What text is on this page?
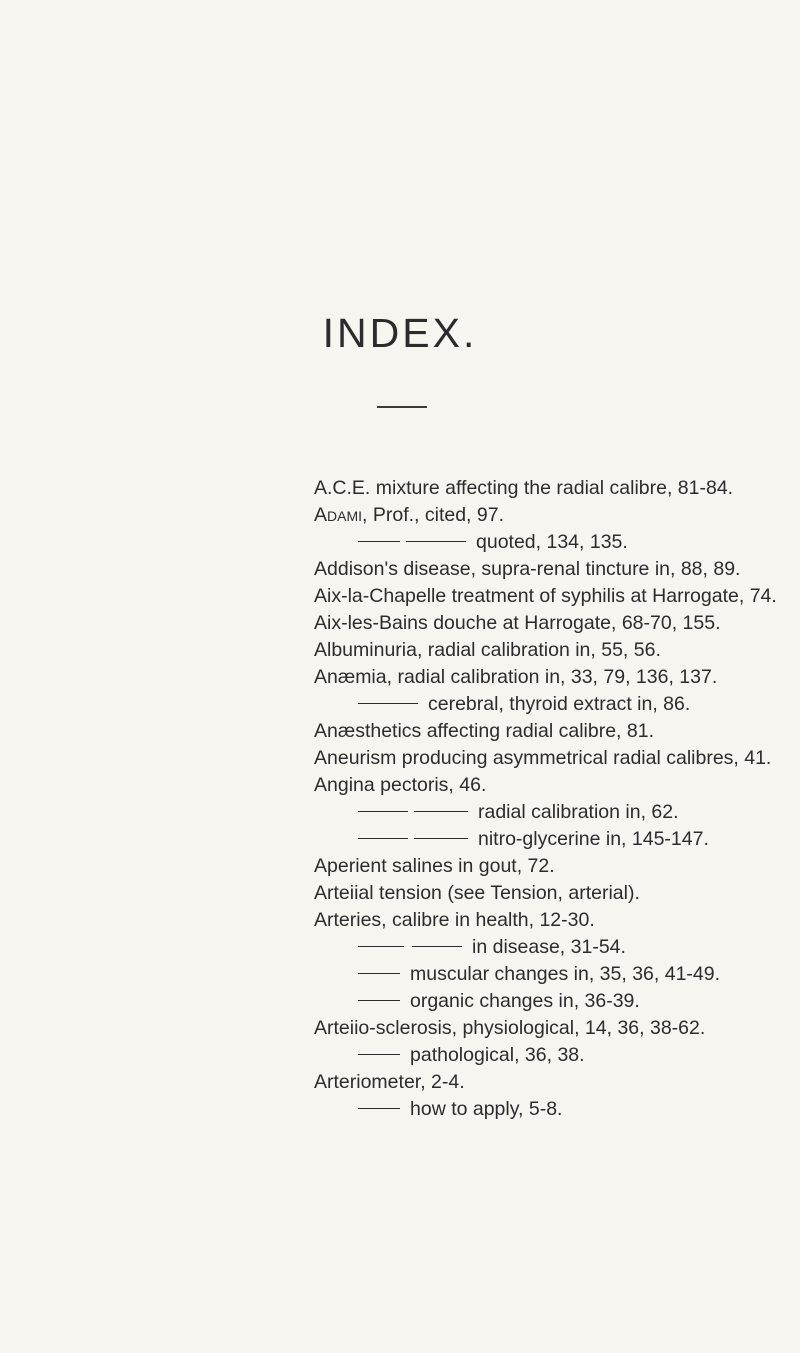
INDEX.
A.C.E. mixture affecting the radial calibre, 81-84.
Adami, Prof., cited, 97.
quoted, 134, 135.
Addison's disease, supra-renal tincture in, 88, 89.
Aix-la-Chapelle treatment of syphilis at Harrogate, 74.
Aix-les-Bains douche at Harrogate, 68-70, 155.
Albuminuria, radial calibration in, 55, 56.
Anæmia, radial calibration in, 33, 79, 136, 137.
cerebral, thyroid extract in, 86.
Anæsthetics affecting radial calibre, 81.
Aneurism producing asymmetrical radial calibres, 41.
Angina pectoris, 46.
radial calibration in, 62.
nitro-glycerine in, 145-147.
Aperient salines in gout, 72.
Arteiial tension (see Tension, arterial).
Arteries, calibre in health, 12-30.
in disease, 31-54.
muscular changes in, 35, 36, 41-49.
organic changes in, 36-39.
Arteiio-sclerosis, physiological, 14, 36, 38-62.
pathological, 36, 38.
Arteriometer, 2-4.
how to apply, 5-8.
